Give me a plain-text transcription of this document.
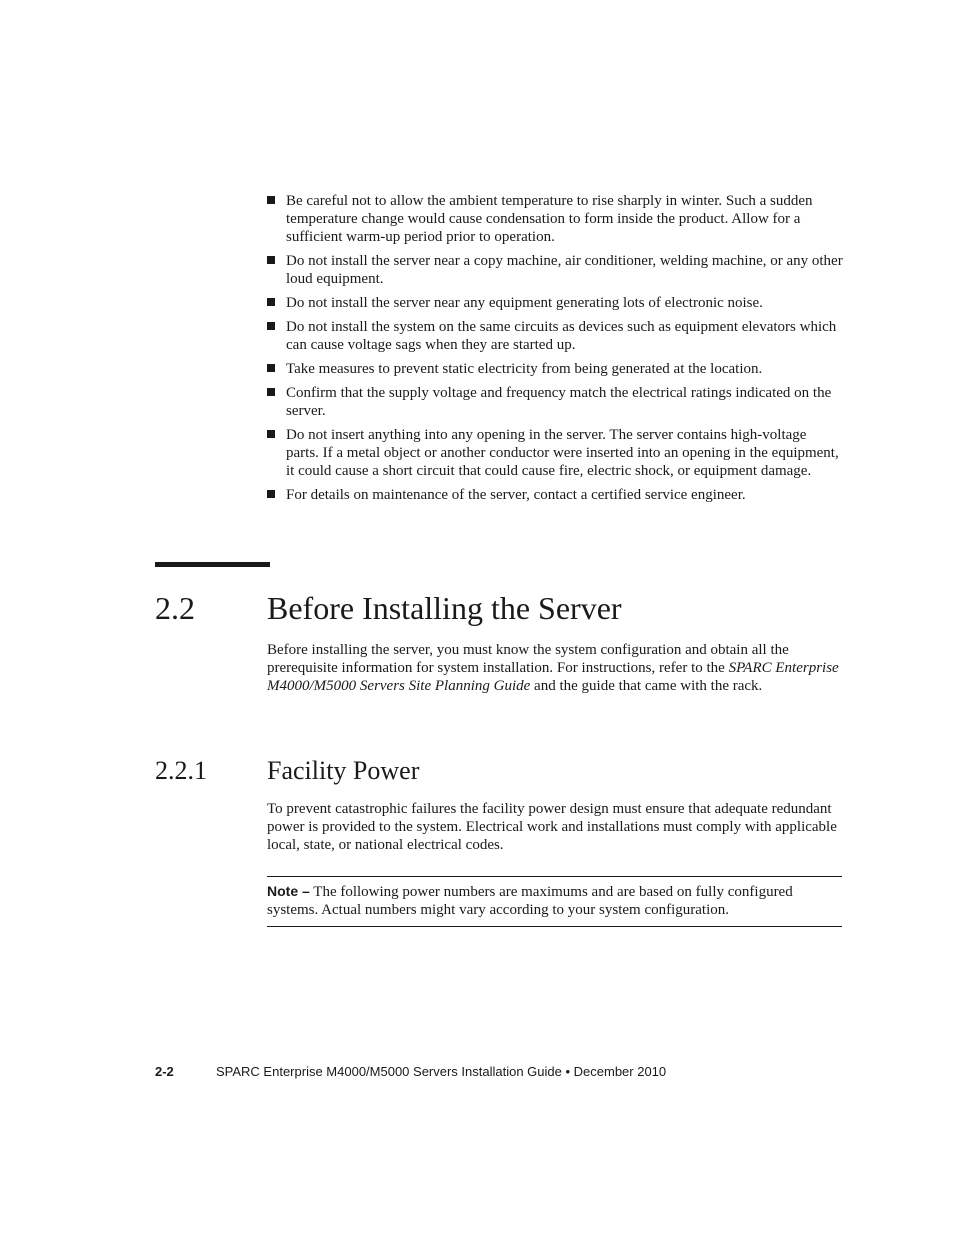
Be careful not to allow the ambient temperature to rise sharply in winter. Such a sudden temperature change would cause condensation to form inside the product. Allow for a sufficient warm-up period prior to operation.
Do not install the server near a copy machine, air conditioner, welding machine, or any other loud equipment.
Do not install the server near any equipment generating lots of electronic noise.
Do not install the system on the same circuits as devices such as equipment elevators which can cause voltage sags when they are started up.
Take measures to prevent static electricity from being generated at the location.
Confirm that the supply voltage and frequency match the electrical ratings indicated on the server.
Do not insert anything into any opening in the server. The server contains high-voltage parts. If a metal object or another conductor were inserted into an opening in the equipment, it could cause a short circuit that could cause fire, electric shock, or equipment damage.
For details on maintenance of the server, contact a certified service engineer.
2.2 Before Installing the Server

Before installing the server, you must know the system configuration and obtain all the prerequisite information for system installation. For instructions, refer to the SPARC Enterprise M4000/M5000 Servers Site Planning Guide and the guide that came with the rack.

2.2.1 Facility Power

To prevent catastrophic failures the facility power design must ensure that adequate redundant power is provided to the system. Electrical work and installations must comply with applicable local, state, or national electrical codes.

Note – The following power numbers are maximums and are based on fully configured systems. Actual numbers might vary according to your system configuration.
2-2	SPARC Enterprise M4000/M5000 Servers Installation Guide • December 2010
